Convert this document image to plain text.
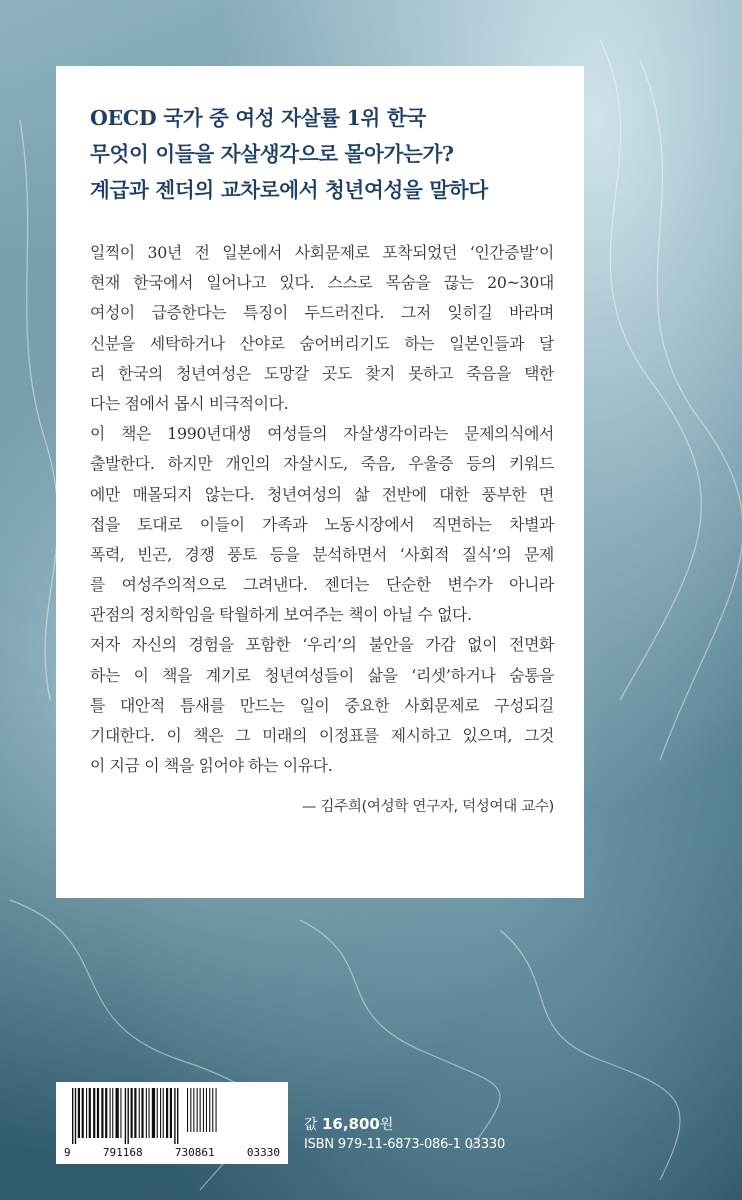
OECD 국가 중 여성 자살률 1위 한국
무엇이 이들을 자살생각으로 몰아가는가?
계급과 젠더의 교차로에서 청년여성을 말하다
일찍이 30년 전 일본에서 사회문제로 포착되었던 ‘인간증발’이
현재 한국에서 일어나고 있다. 스스로 목숨을 끊는 20~30대
여성이 급증한다는 특징이 두드러진다. 그저 잊히길 바라며
신분을 세탁하거나 산야로 숨어버리기도 하는 일본인들과 달
리 한국의 청년여성은 도망갈 곳도 찾지 못하고 죽음을 택한
다는 점에서 몹시 비극적이다.
이 책은 1990년대생 여성들의 자살생각이라는 문제의식에서
출발한다. 하지만 개인의 자살시도, 죽음, 우울증 등의 키워드
에만 매몰되지 않는다. 청년여성의 삶 전반에 대한 풍부한 면
접을 토대로 이들이 가족과 노동시장에서 직면하는 차별과
폭력, 빈곤, 경쟁 풍토 등을 분석하면서 ‘사회적 질식’의 문제
를 여성주의적으로 그려낸다. 젠더는 단순한 변수가 아니라
관점의 정치학임을 탁월하게 보여주는 책이 아닐 수 없다.
저자 자신의 경험을 포함한 ‘우리’의 불안을 가감 없이 전면화
하는 이 책을 계기로 청년여성들이 삶을 ‘리셋’하거나 숨통을
틀 대안적 틈새를 만드는 일이 중요한 사회문제로 구성되길
기대한다. 이 책은 그 미래의 이정표를 제시하고 있으며, 그것
이 지금 이 책을 읽어야 하는 이유다.
— 김주희(여성학 연구자, 덕성여대 교수)
9	791168	730861	03330
값 16,800원
ISBN 979-11-6873-086-1 03330
